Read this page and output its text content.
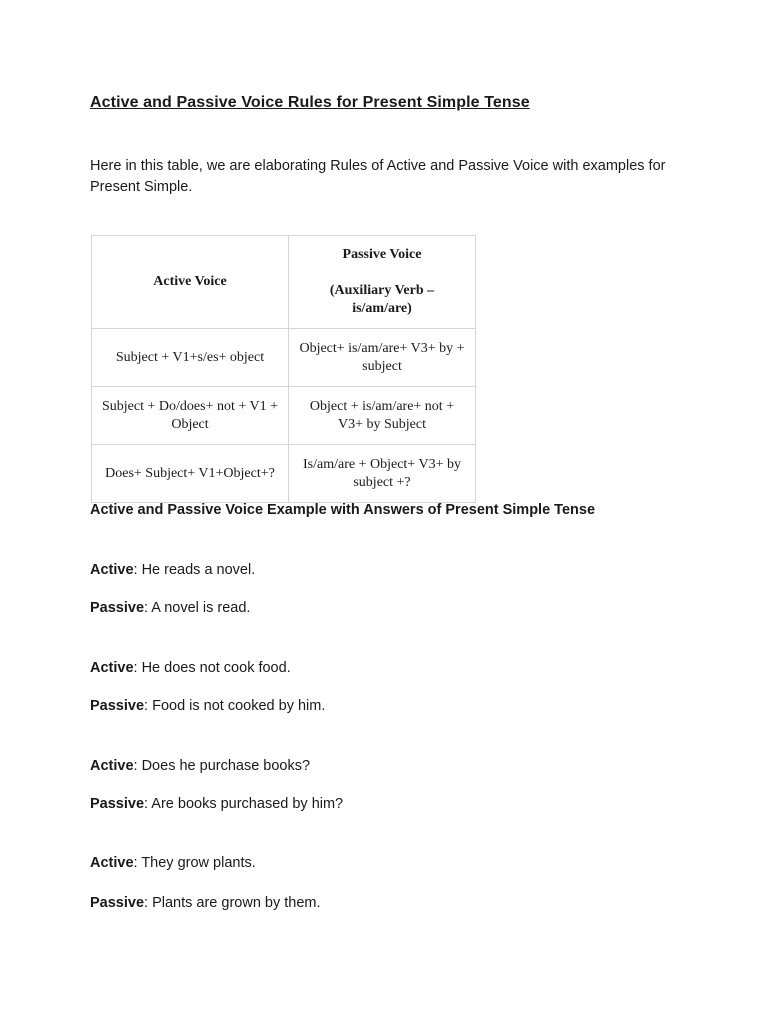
Active and Passive Voice Rules for Present Simple Tense
Here in this table, we are elaborating Rules of Active and Passive Voice with examples for Present Simple.
Active Voice	Passive Voice
(Auxiliary Verb – is/am/are)

Subject + V1+s/es+ object	Object+ is/am/are+ V3+ by + subject
Subject + Do/does+ not + V1 + Object	Object + is/am/are+ not + V3+ by Subject
Does+ Subject+ V1+Object+?	Is/am/are + Object+ V3+ by subject +?
Active and Passive Voice Example with Answers of Present Simple Tense
Active: He reads a novel.
Passive: A novel is read.
Active: He does not cook food.
Passive: Food is not cooked by him.
Active: Does he purchase books?
Passive: Are books purchased by him?
Active: They grow plants.
Passive: Plants are grown by them.
